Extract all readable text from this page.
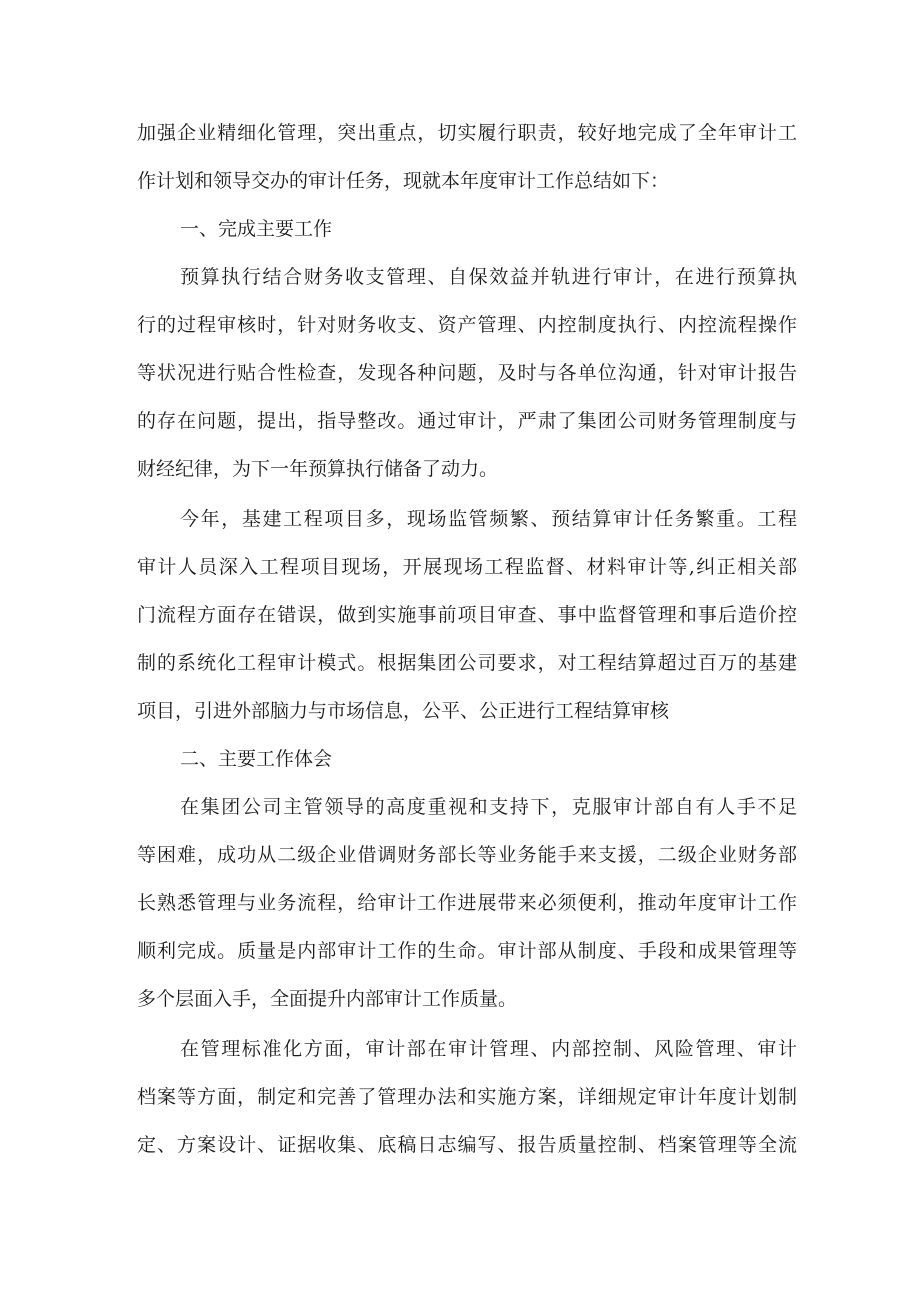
加强企业精细化管理，突出重点，切实履行职责，较好地完成了全年审计工

作计划和领导交办的审计任务，现就本年度审计工作总结如下：

一、完成主要工作

预算执行结合财务收支管理、自保效益并轨进行审计，在进行预算执

行的过程审核时，针对财务收支、资产管理、内控制度执行、内控流程操作

等状况进行贴合性检查，发现各种问题，及时与各单位沟通，针对审计报告

的存在问题，提出，指导整改。通过审计，严肃了集团公司财务管理制度与

财经纪律，为下一年预算执行储备了动力。

今年，基建工程项目多，现场监管频繁、预结算审计任务繁重。工程

审计人员深入工程项目现场，开展现场工程监督、材料审计等,纠正相关部

门流程方面存在错误，做到实施事前项目审查、事中监督管理和事后造价控

制的系统化工程审计模式。根据集团公司要求，对工程结算超过百万的基建

项目，引进外部脑力与市场信息，公平、公正进行工程结算审核

二、主要工作体会

在集团公司主管领导的高度重视和支持下，克服审计部自有人手不足

等困难，成功从二级企业借调财务部长等业务能手来支援，二级企业财务部

长熟悉管理与业务流程，给审计工作进展带来必须便利，推动年度审计工作

顺利完成。质量是内部审计工作的生命。审计部从制度、手段和成果管理等

多个层面入手，全面提升内部审计工作质量。

在管理标准化方面，审计部在审计管理、内部控制、风险管理、审计

档案等方面，制定和完善了管理办法和实施方案，详细规定审计年度计划制

定、方案设计、证据收集、底稿日志编写、报告质量控制、档案管理等全流
